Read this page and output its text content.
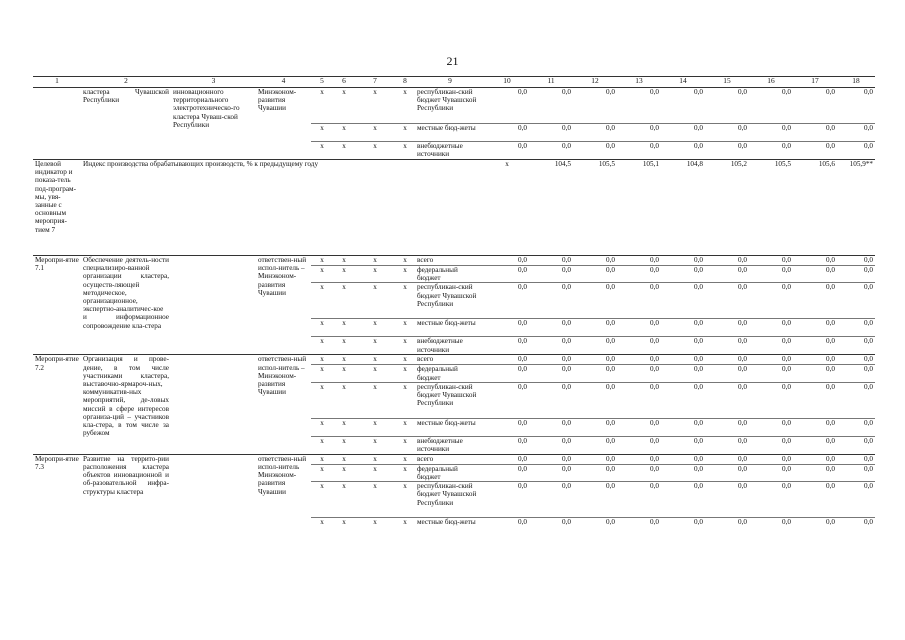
21
1	2	3	4	5	6	7	8	9	10	11	12	13	14	15	16	17	18	
	кластера Чувашской Республики	инновационного территориального электротехническо-го кластера Чуваш-ской Республики	Минэконом-развития Чувашии	x	x	x	x	республикан-ский бюджет Чувашской Республики	0,0	0,0	0,0	0,0	0,0	0,0	0,0	0,0	0,0	
				x	x	x	x	местные бюд-жеты	0,0	0,0	0,0	0,0	0,0	0,0	0,0	0,0	0,0	
				x	x	x	x	внебюджетные источники	0,0	0,0	0,0	0,0	0,0	0,0	0,0	0,0	0,0	
Целевой индикатор и показа-тель под-програм-мы, увя-занные с основным мероприя-тием 7	Индекс производства обрабатывающих производств, % к предыдущему году								x	104,5	105,5	105,1	104,8	105,2	105,5	105,6	105,9**	
Меропри-ятие 7.1	Обеспечение деятель-ности специализиро-ванной организации кластера, осуществ-ляющей методическое, организационное, экспертно-аналитичес-кое и информационное сопровождение кла-стера		ответствен-ный испол-нитель – Минэконом-развития Чувашии	x	x	x	x	всего	0,0	0,0	0,0	0,0	0,0	0,0	0,0	0,0	0,0	
				x	x	x	x	федеральный бюджет	0,0	0,0	0,0	0,0	0,0	0,0	0,0	0,0	0,0	
				x	x	x	x	республикан-ский бюджет Чувашской Республики	0,0	0,0	0,0	0,0	0,0	0,0	0,0	0,0	0,0	
				x	x	x	x	местные бюд-жеты	0,0	0,0	0,0	0,0	0,0	0,0	0,0	0,0	0,0	
				x	x	x	x	внебюджетные источники	0,0	0,0	0,0	0,0	0,0	0,0	0,0	0,0	0,0	
Меропри-ятие 7.2	Организация и прове-дение, в том числе участниками кластера, выставочно-ярмароч-ных, коммуникатив-ных мероприятий, де-ловых миссий в сфере интересов организа-ций – участников кла-стера, в том числе за рубежом		ответствен-ный испол-нитель – Минэконом-развития Чувашии	x	x	x	x	всего	0,0	0,0	0,0	0,0	0,0	0,0	0,0	0,0	0,0	
				x	x	x	x	федеральный бюджет	0,0	0,0	0,0	0,0	0,0	0,0	0,0	0,0	0,0	
				x	x	x	x	республикан-ский бюджет Чувашской Республики	0,0	0,0	0,0	0,0	0,0	0,0	0,0	0,0	0,0	
				x	x	x	x	местные бюд-жеты	0,0	0,0	0,0	0,0	0,0	0,0	0,0	0,0	0,0	
				x	x	x	x	внебюджетные источники	0,0	0,0	0,0	0,0	0,0	0,0	0,0	0,0	0,0	
Меропри-ятие 7.3	Развитие на террито-рии расположения кластера объектов инновационной и об-разовательной инфра-структуры кластера		ответствен-ный испол-нитель Минэконом-развития Чувашии	x	x	x	x	всего	0,0	0,0	0,0	0,0	0,0	0,0	0,0	0,0	0,0	
				x	x	x	x	федеральный бюджет	0,0	0,0	0,0	0,0	0,0	0,0	0,0	0,0	0,0	
				x	x	x	x	республикан-ский бюджет Чувашской Республики	0,0	0,0	0,0	0,0	0,0	0,0	0,0	0,0	0,0	
				x	x	x	x	местные бюд-жеты	0,0	0,0	0,0	0,0	0,0	0,0	0,0	0,0	0,0	
